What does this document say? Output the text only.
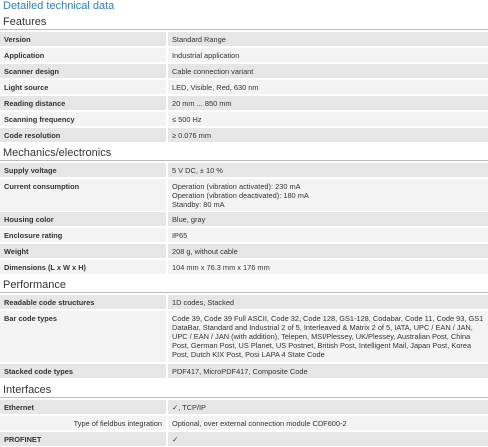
Detailed technical data
Features
Version	Standard Range
Application	Industrial application
Scanner design	Cable connection variant
Light source	LED, Visible, Red, 630 nm
Reading distance	20 mm ... 850 mm
Scanning frequency	≤ 500 Hz
Code resolution	≥ 0.076 mm
Mechanics/electronics
Supply voltage	5 V DC, ± 10 %
Current consumption	Operation (vibration activated): 230 mA
Operation (vibration deactivated): 180 mA
Standby: 80 mA
Housing color	Blue, gray
Enclosure rating	IP65
Weight	208 g, without cable
Dimensions (L x W x H)	104 mm x 76.3 mm x 176 mm
Performance
Readable code structures	1D codes, Stacked
Bar code types	Code 39, Code 39 Full ASCII, Code 32, Code 128, GS1-128, Codabar, Code 11, Code 93, GS1
DataBar, Standard and Industrial 2 of 5, Interleaved & Matrix 2 of 5, IATA, UPC / EAN / JAN,
UPC / EAN / JAN (with addition), Telepen, MSI/Plessey, UK/Plessey, Australian Post, China
Post, German Post, US Planet, US Postnet, British Post, Intelligent Mail, Japan Post, Korea
Post, Dutch KIX Post, Posi LAPA 4 State Code
Stacked code types	PDF417, MicroPDF417, Composite Code
Interfaces
Ethernet	✓, TCP/IP
Type of fieldbus integration	Optional, over external connection module CDF600-2
PROFINET	✓
